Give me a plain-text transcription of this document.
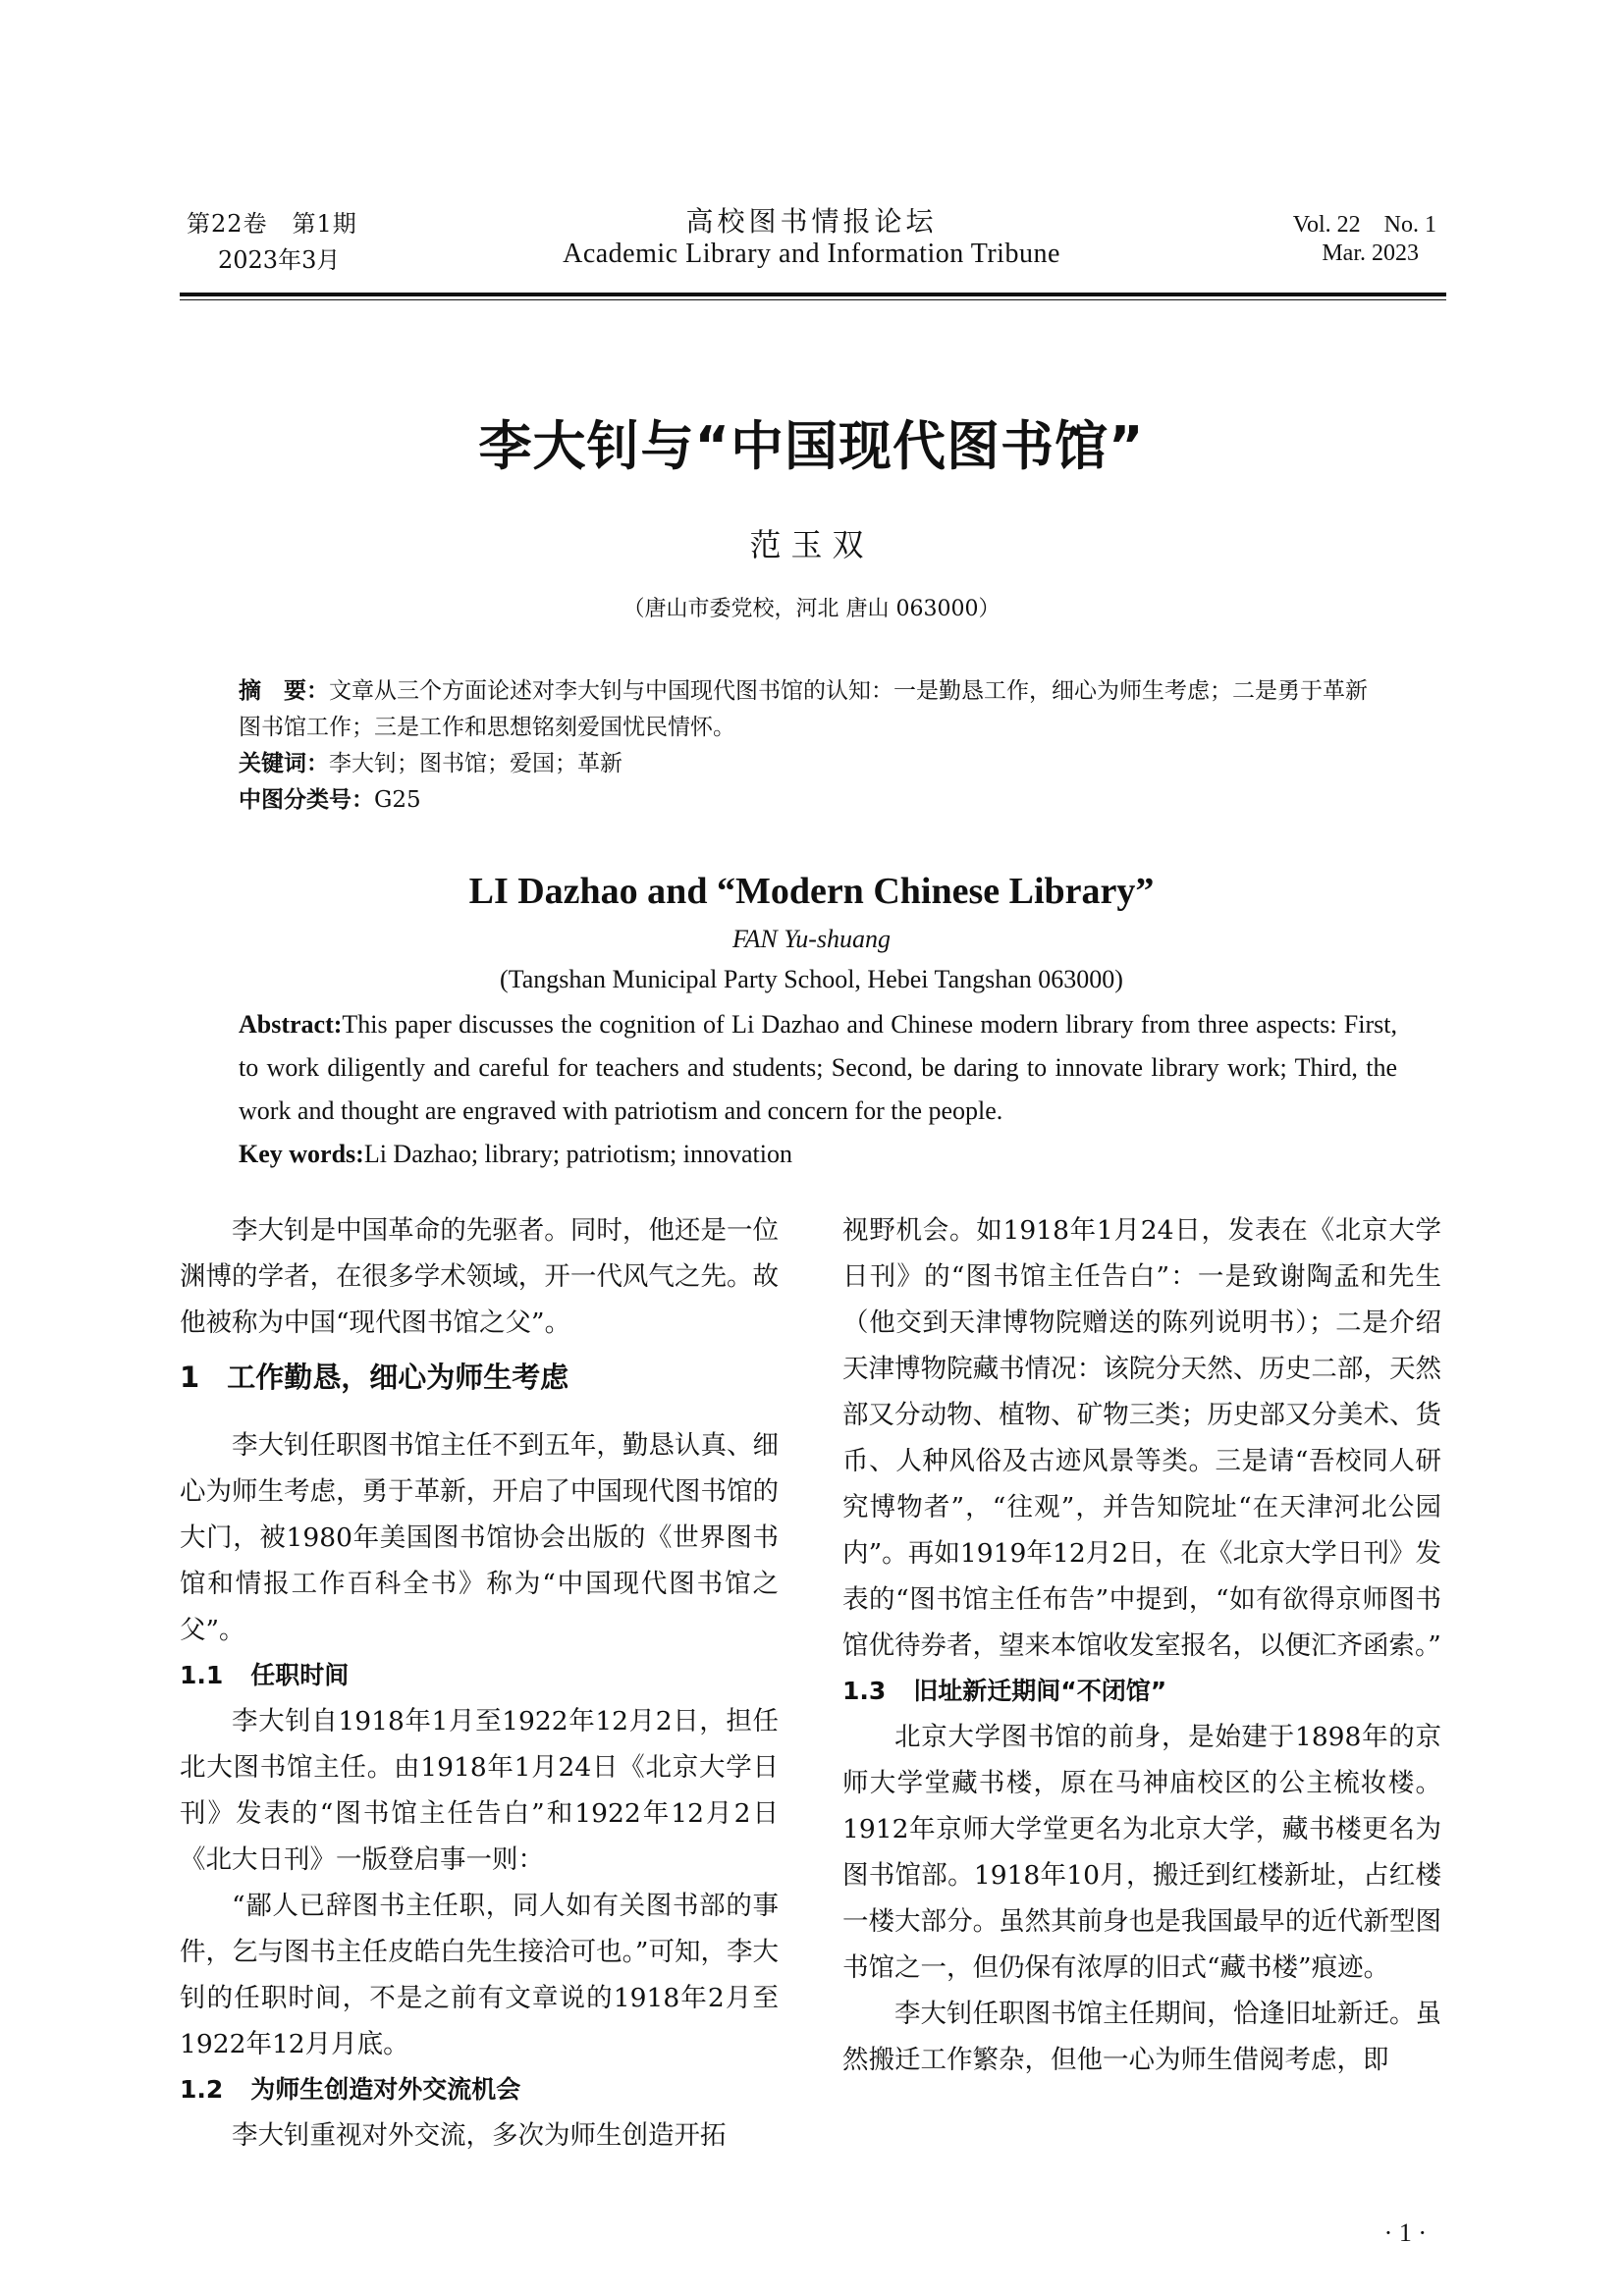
第22卷　第1期
2023年3月
高校图书情报论坛
Academic Library and Information Tribune
Vol. 22　No. 1
Mar. 2023
李大钊与“中国现代图书馆”
范玉双
（唐山市委党校，河北 唐山 063000）

摘　要：文章从三个方面论述对李大钊与中国现代图书馆的认知：一是勤恳工作，细心为师生考虑；二是勇于革新图书馆工作；三是工作和思想铭刻爱国忧民情怀。

关键词：李大钊；图书馆；爱国；革新

中图分类号：G25

LI Dazhao and “Modern Chinese Library”
FAN Yu-shuang
(Tangshan Municipal Party School, Hebei Tangshan 063000)

Abstract:This paper discusses the cognition of Li Dazhao and Chinese modern library from three aspects: First, to work diligently and careful for teachers and students; Second, be daring to innovate library work; Third, the work and thought are engraved with patriotism and concern for the people.

Key words:Li Dazhao; library; patriotism; innovation

李大钊是中国革命的先驱者。同时，他还是一位渊博的学者，在很多学术领域，开一代风气之先。故他被称为中国“现代图书馆之父”。

1 工作勤恳，细心为师生考虑

李大钊任职图书馆主任不到五年，勤恳认真、细心为师生考虑，勇于革新，开启了中国现代图书馆的大门，被1980年美国图书馆协会出版的《世界图书馆和情报工作百科全书》称为“中国现代图书馆之父”。

1.1 任职时间

李大钊自1918年1月至1922年12月2日，担任北大图书馆主任。由1918年1月24日《北京大学日刊》发表的“图书馆主任告白”和1922年12月2日《北大日刊》一版登启事一则：

“鄙人已辞图书主任职，同人如有关图书部的事件，乞与图书主任皮皓白先生接洽可也。”可知，李大钊的任职时间，不是之前有文章说的1918年2月至1922年12月月底。

1.2 为师生创造对外交流机会

李大钊重视对外交流，多次为师生创造开拓

视野机会。如1918年1月24日，发表在《北京大学日刊》的“图书馆主任告白”：一是致谢陶孟和先生（他交到天津博物院赠送的陈列说明书）；二是介绍天津博物院藏书情况：该院分天然、历史二部，天然部又分动物、植物、矿物三类；历史部又分美术、货币、人种风俗及古迹风景等类。三是请“吾校同人研究博物者”，“往观”，并告知院址“在天津河北公园内”。再如1919年12月2日，在《北京大学日刊》发表的“图书馆主任布告”中提到，“如有欲得京师图书馆优待券者，望来本馆收发室报名，以便汇齐函索。”

1.3 旧址新迁期间“不闭馆”

北京大学图书馆的前身，是始建于1898年的京师大学堂藏书楼，原在马神庙校区的公主梳妆楼。1912年京师大学堂更名为北京大学，藏书楼更名为图书馆部。1918年10月，搬迁到红楼新址，占红楼一楼大部分。虽然其前身也是我国最早的近代新型图书馆之一，但仍保有浓厚的旧式“藏书楼”痕迹。

李大钊任职图书馆主任期间，恰逢旧址新迁。虽然搬迁工作繁杂，但他一心为师生借阅考虑，即

· 1 ·
